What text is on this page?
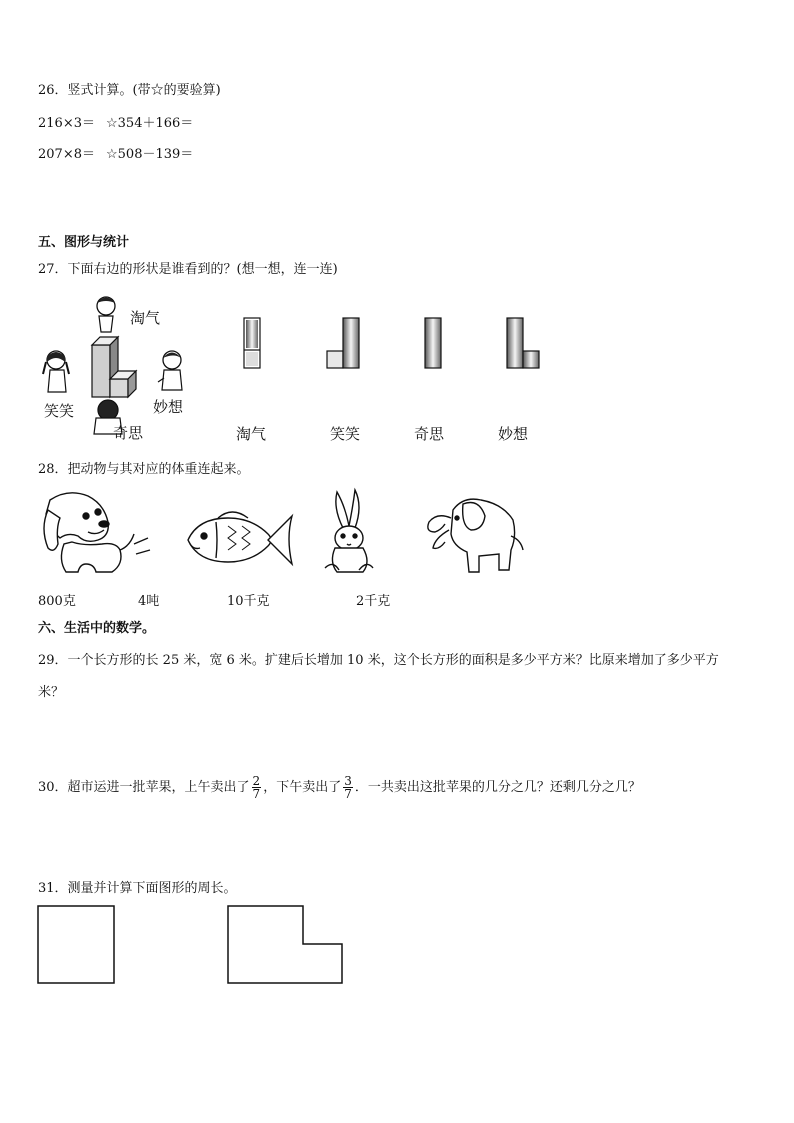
26．竖式计算。(带☆的要验算)
216×3＝ ☆354＋166＝
207×8＝ ☆508－139＝
五、图形与统计
27．下面右边的形状是谁看到的？(想一想，连一连)
淘气
笑笑	妙想
奇思	淘气	笑笑	奇思	妙想
28．把动物与其对应的体重连起来。
800克	4吨	10千克	2千克
六、生活中的数学。
29．一个长方形的长 25 米，宽 6 米。扩建后长增加 10 米，这个长方形的面积是多少平方米？比原来增加了多少平方
米？
30．超市运进一批苹果，上午卖出了 $\frac{2}{7}$ ，下午卖出了 $\frac{3}{7}$ ．一共卖出这批苹果的几分之几？还剩几分之几？
31．测量并计算下面图形的周长。
